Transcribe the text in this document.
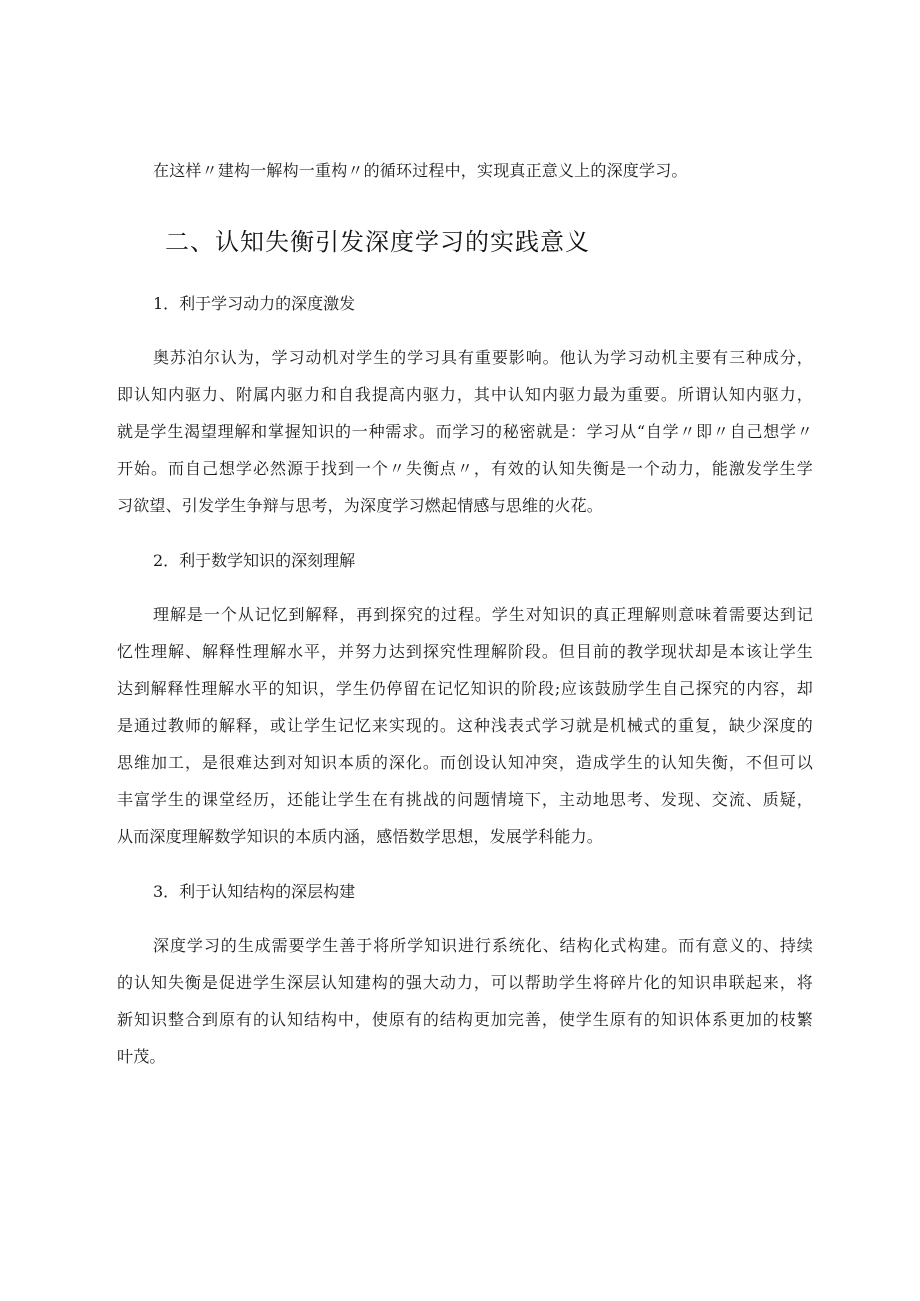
在这样〃建构一解构一重构〃的循环过程中，实现真正意义上的深度学习。
二、认知失衡引发深度学习的实践意义
1．利于学习动力的深度激发
奥苏泊尔认为，学习动机对学生的学习具有重要影响。他认为学习动机主要有三种成分，
即认知内驱力、附属内驱力和自我提高内驱力，其中认知内驱力最为重要。所谓认知内驱力，
就是学生渴望理解和掌握知识的一种需求。而学习的秘密就是：学习从“自学〃即〃自己想学〃
开始。而自己想学必然源于找到一个〃失衡点〃，有效的认知失衡是一个动力，能激发学生学
习欲望、引发学生争辩与思考，为深度学习燃起情感与思维的火花。
2．利于数学知识的深刻理解
理解是一个从记忆到解释，再到探究的过程。学生对知识的真正理解则意味着需要达到记
忆性理解、解释性理解水平，并努力达到探究性理解阶段。但目前的教学现状却是本该让学生
达到解释性理解水平的知识，学生仍停留在记忆知识的阶段;应该鼓励学生自己探究的内容，却
是通过教师的解释，或让学生记忆来实现的。这种浅表式学习就是机械式的重复，缺少深度的
思维加工，是很难达到对知识本质的深化。而创设认知冲突，造成学生的认知失衡，不但可以
丰富学生的课堂经历，还能让学生在有挑战的问题情境下，主动地思考、发现、交流、质疑，
从而深度理解数学知识的本质内涵，感悟数学思想，发展学科能力。
3．利于认知结构的深层构建
深度学习的生成需要学生善于将所学知识进行系统化、结构化式构建。而有意义的、持续
的认知失衡是促进学生深层认知建构的强大动力，可以帮助学生将碎片化的知识串联起来，将
新知识整合到原有的认知结构中，使原有的结构更加完善，使学生原有的知识体系更加的枝繁
叶茂。
